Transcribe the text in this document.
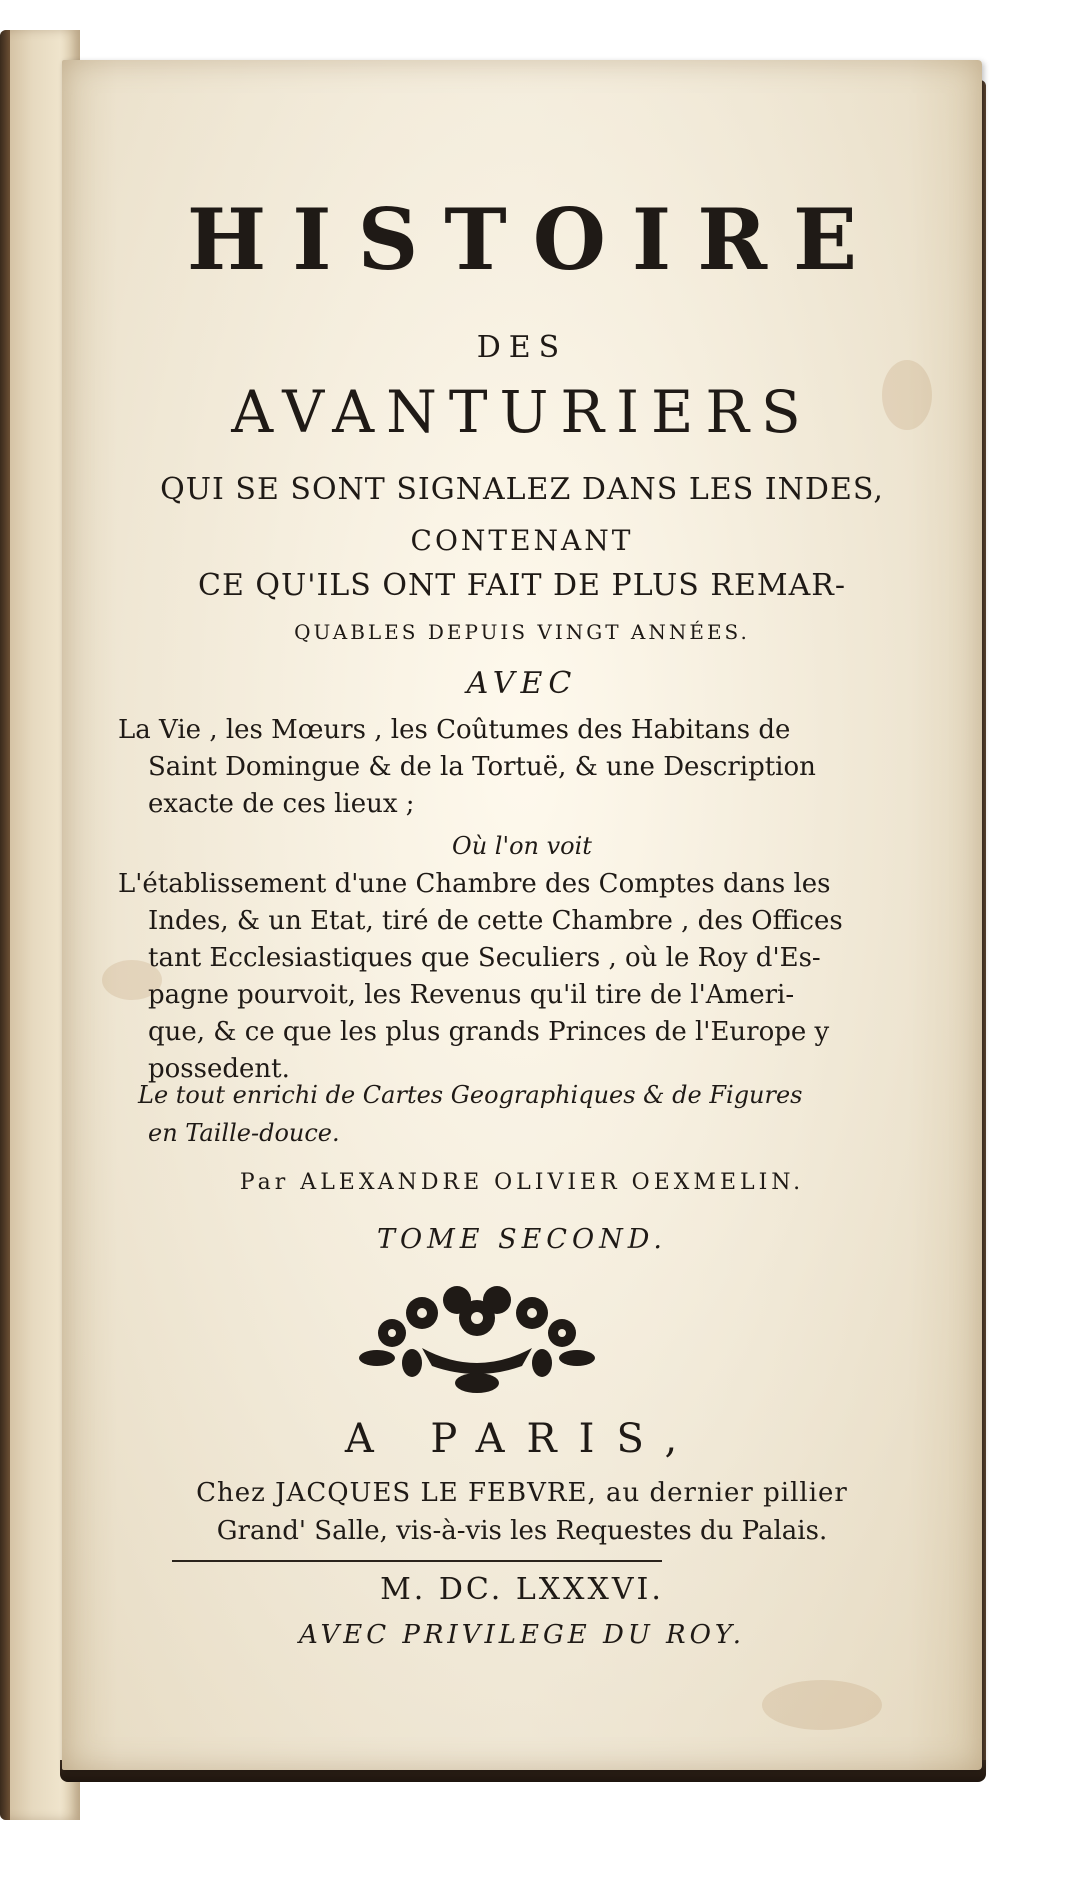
HISTOIRE
DES
AVANTURIERS
QUI SE SONT SIGNALEZ DANS LES INDES,
CONTENANT
CE QU'ILS ONT FAIT DE PLUS REMAR-
QUABLES DEPUIS VINGT ANNÉES.
AVEC
La Vie , les Mœurs , les Coûtumes des Habitans de
Saint Domingue & de la Tortuë, & une Description
exacte de ces lieux ;
Où l'on voit
L'établissement d'une Chambre des Comptes dans les
Indes, & un Etat, tiré de cette Chambre , des Offices
tant Ecclesiastiques que Seculiers , où le Roy d'Es-
pagne pourvoit, les Revenus qu'il tire de l'Ameri-
que, & ce que les plus grands Princes de l'Europe y
possedent.
Le tout enrichi de Cartes Geographiques & de Figures
en Taille-douce.
Par ALEXANDRE OLIVIER OEXMELIN.
TOME SECOND.
A PARIS,
Chez JACQUES LE FEBVRE, au dernier pillier
Grand' Salle, vis-à-vis les Requestes du Palais.
M. DC. LXXXVI.
AVEC PRIVILEGE DU ROY.
